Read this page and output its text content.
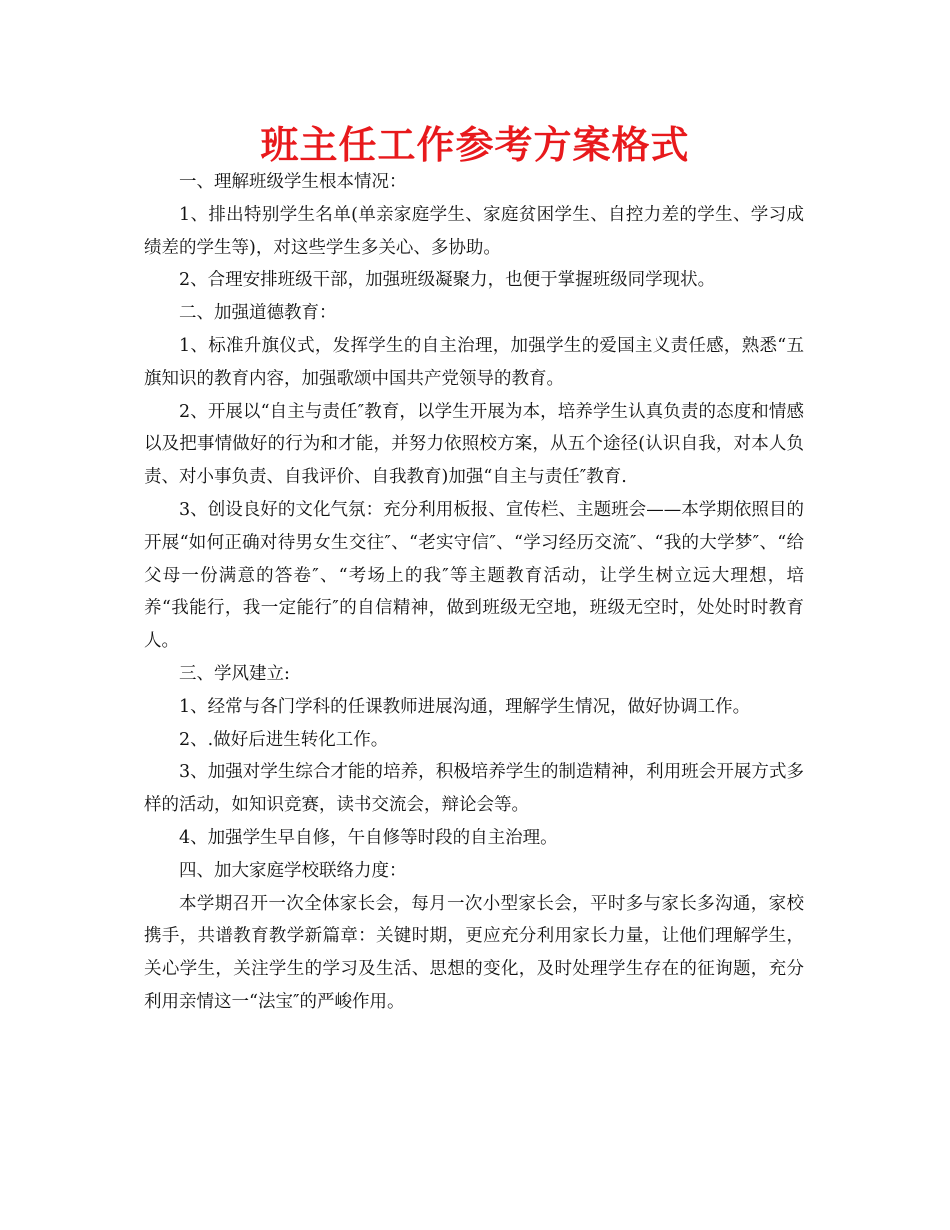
班主任工作参考方案格式

一、理解班级学生根本情况：

1、排出特别学生名单(单亲家庭学生、家庭贫困学生、自控力差的学生、学习成绩差的学生等)，对这些学生多关心、多协助。

2、合理安排班级干部，加强班级凝聚力，也便于掌握班级同学现状。

二、加强道德教育：

1、标准升旗仪式，发挥学生的自主治理，加强学生的爱国主义责任感，熟悉“五旗知识的教育内容，加强歌颂中国共产党领导的教育。

2、开展以“自主与责任″教育，以学生开展为本，培养学生认真负责的态度和情感以及把事情做好的行为和才能，并努力依照校方案，从五个途径(认识自我，对本人负责、对小事负责、自我评价、自我教育)加强“自主与责任″教育.

3、创设良好的文化气氛：充分利用板报、宣传栏、主题班会——本学期依照目的开展“如何正确对待男女生交往″、“老实守信″、“学习经历交流″、“我的大学梦″、“给父母一份满意的答卷″、“考场上的我″等主题教育活动，让学生树立远大理想，培养“我能行，我一定能行″的自信精神，做到班级无空地，班级无空时，处处时时教育人。

三、学风建立:

1、经常与各门学科的任课教师进展沟通，理解学生情况，做好协调工作。

2、.做好后进生转化工作。

3、加强对学生综合才能的培养，积极培养学生的制造精神，利用班会开展方式多样的活动，如知识竞赛，读书交流会，辩论会等。

4、加强学生早自修，午自修等时段的自主治理。

四、加大家庭学校联络力度：

本学期召开一次全体家长会，每月一次小型家长会，平时多与家长多沟通，家校携手，共谱教育教学新篇章：关键时期，更应充分利用家长力量，让他们理解学生，关心学生，关注学生的学习及生活、思想的变化，及时处理学生存在的征询题，充分利用亲情这一“法宝″的严峻作用。
